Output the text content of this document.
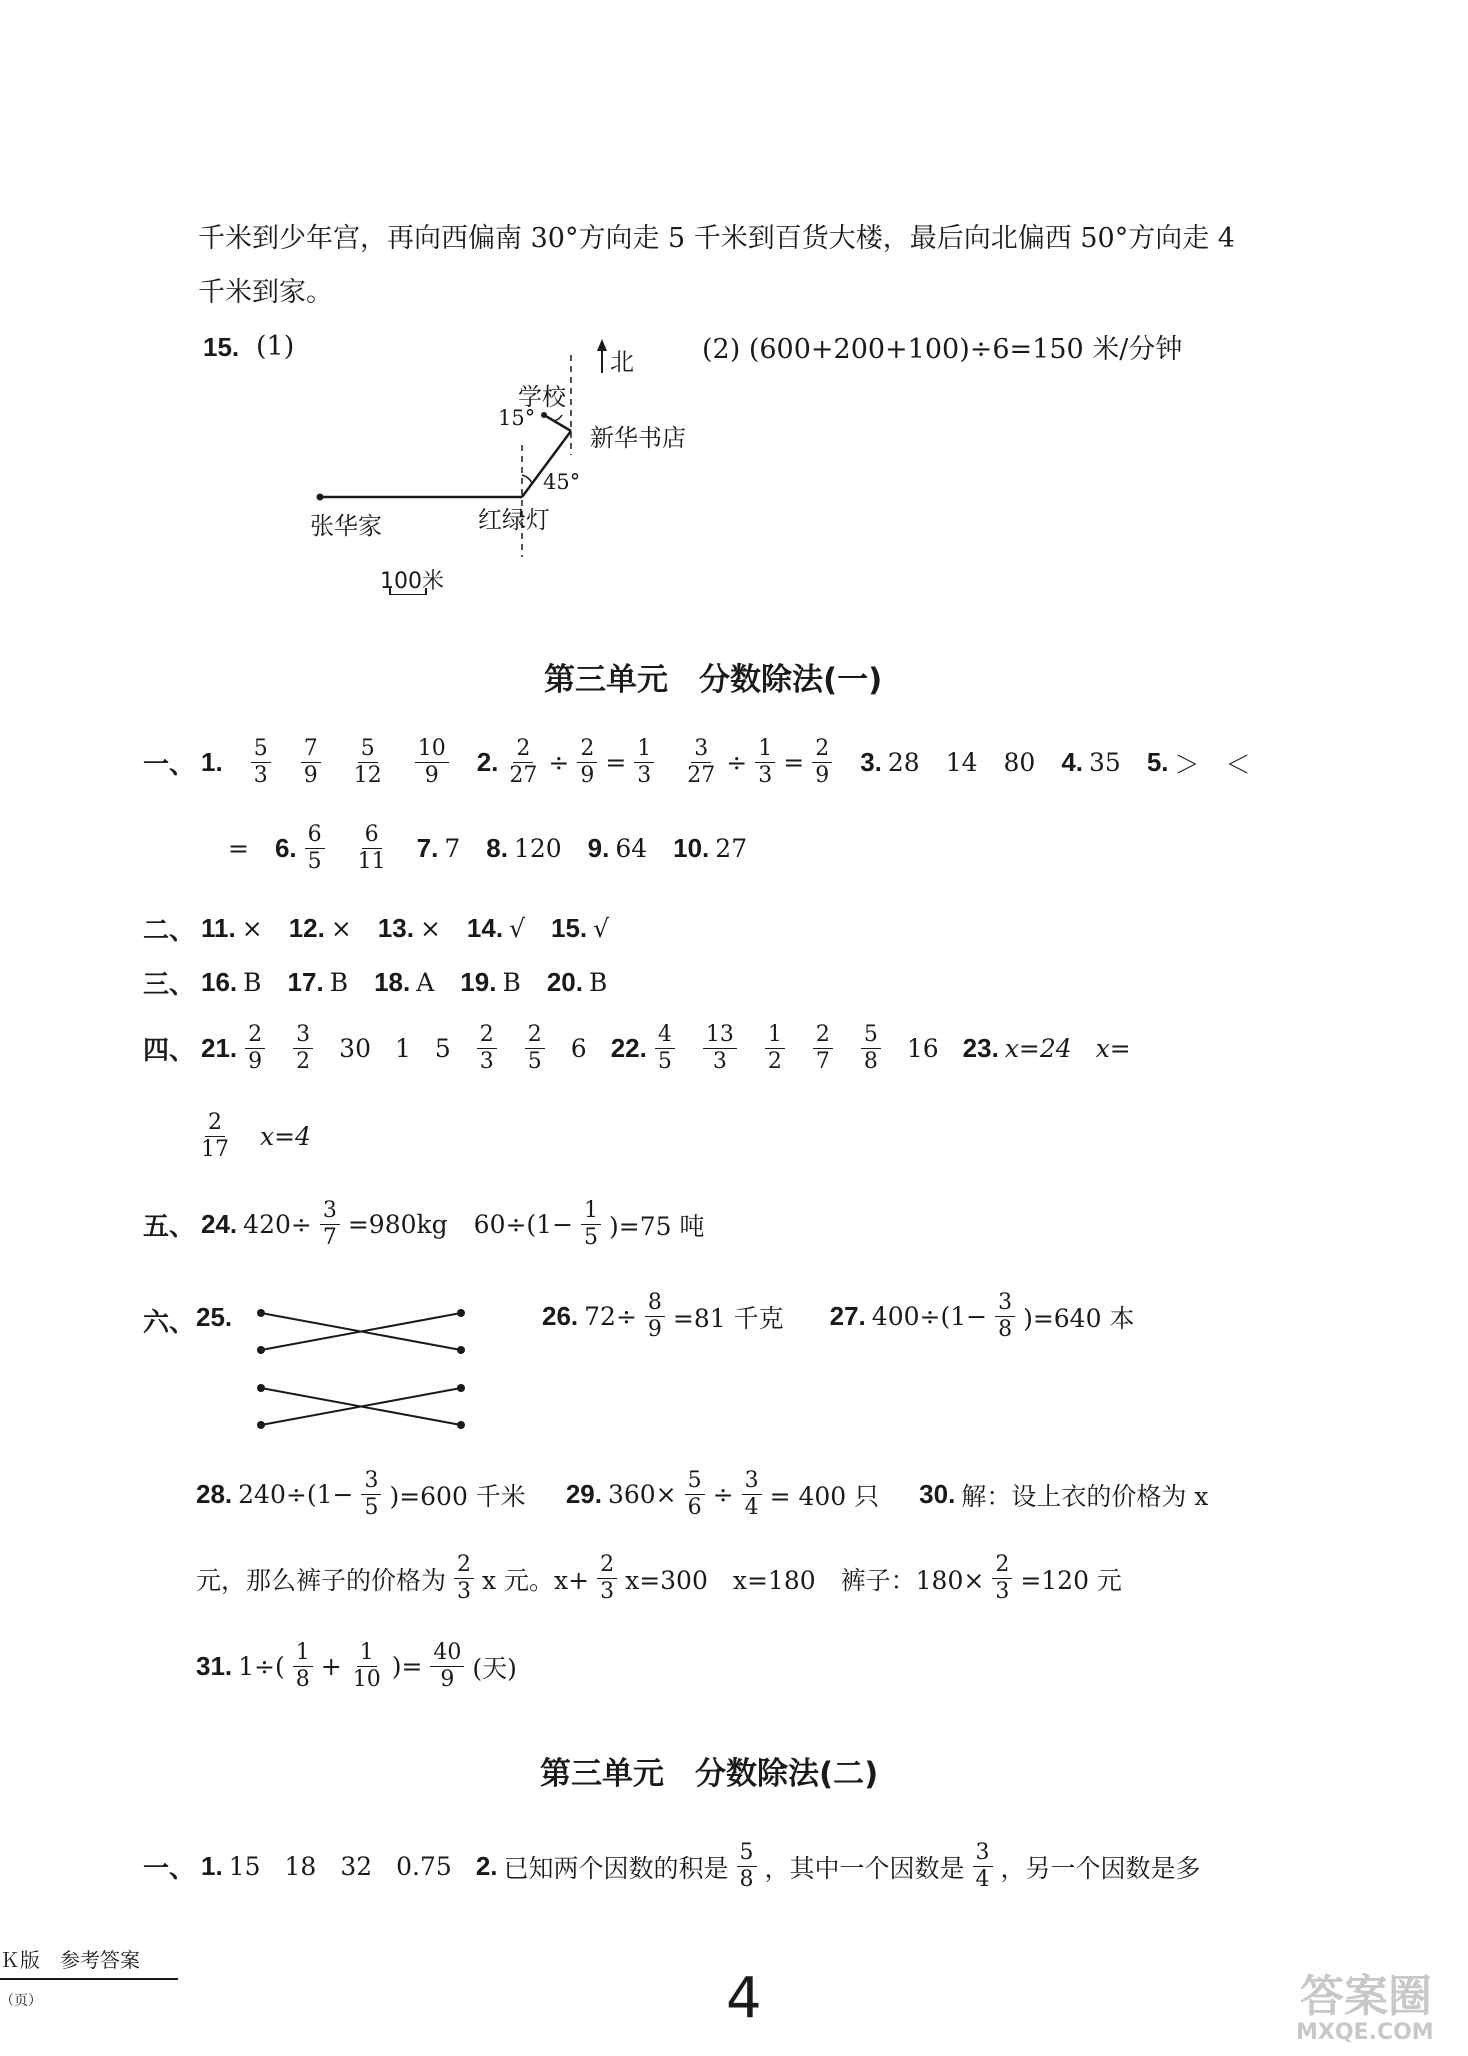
千米到少年宫，再向西偏南 30°方向走 5 千米到百货大楼，最后向北偏西 50°方向走 4
千米到家。
15. (1)	(2) (600+200+100)÷6=150 米/分钟
北
学校
15°
新华书店
45°
张华家	红绿灯
100米
第三单元　分数除法(一)
一、 1. $\frac{5}{3} \frac{7}{9} \frac{5}{12} \frac{10}{9} 2$. $\frac{2}{27} \div \frac{2}{9} = \frac{1}{3} \frac{3}{27} \div \frac{1}{3} = \frac{2}{9} 3$. 28 14 80 4. 35 5. ＞ ＜
= 6. $\frac{6}{5} \frac{6}{11} 7$. 7 8. 120 9. 64 10. 27
二、 11. × 12. × 13. × 14. √ 15. √
三、 16. B 17. B 18. A 19. B 20. B
四、 21. $\frac{2}{9} \frac{3}{2} 30$ 1 $5 \frac{2}{3} \frac{2}{5} 6$ 22. $\frac{4}{5} \frac{13}{3} \frac{1}{2} \frac{2}{7} \frac{5}{8} 16$ 23. x=24 x=
$\frac{2}{17} x=4$
五、 24. $420\div \frac{3}{7} =980kg$ $60\div(1- \frac{1}{5} )=75$ 吨
六、 25.	26. $72\div \frac{8}{9} =81$ 千克 27. $400\div(1- \frac{3}{8} )=640$ 本
28. $240\div(1- \frac{3}{5} )=600$ 千米 29. $360\times \frac{5}{6} \div \frac{3}{4} = 400$ 只 30. 解：设上衣的价格为 x
元，那么裤子的价格为 $\frac{2}{3}$ x 元。$x+ \frac{2}{3} x=300$　x=180　裤子：$180\times \frac{2}{3} =120$ 元
31. $1\div( \frac{1}{8} + \frac{1}{10}$ )= $\frac{40}{9}$ (天)
第三单元　分数除法(二)
一、 1. 15 18 32 0.75 2. 已知两个因数的积是 $\frac{5}{8}$ ，其中一个因数是 $\frac{3}{4}$ ，另一个因数是多
Ｋ版　参考答案
（页）	4	答案圈
MXQE.COM
